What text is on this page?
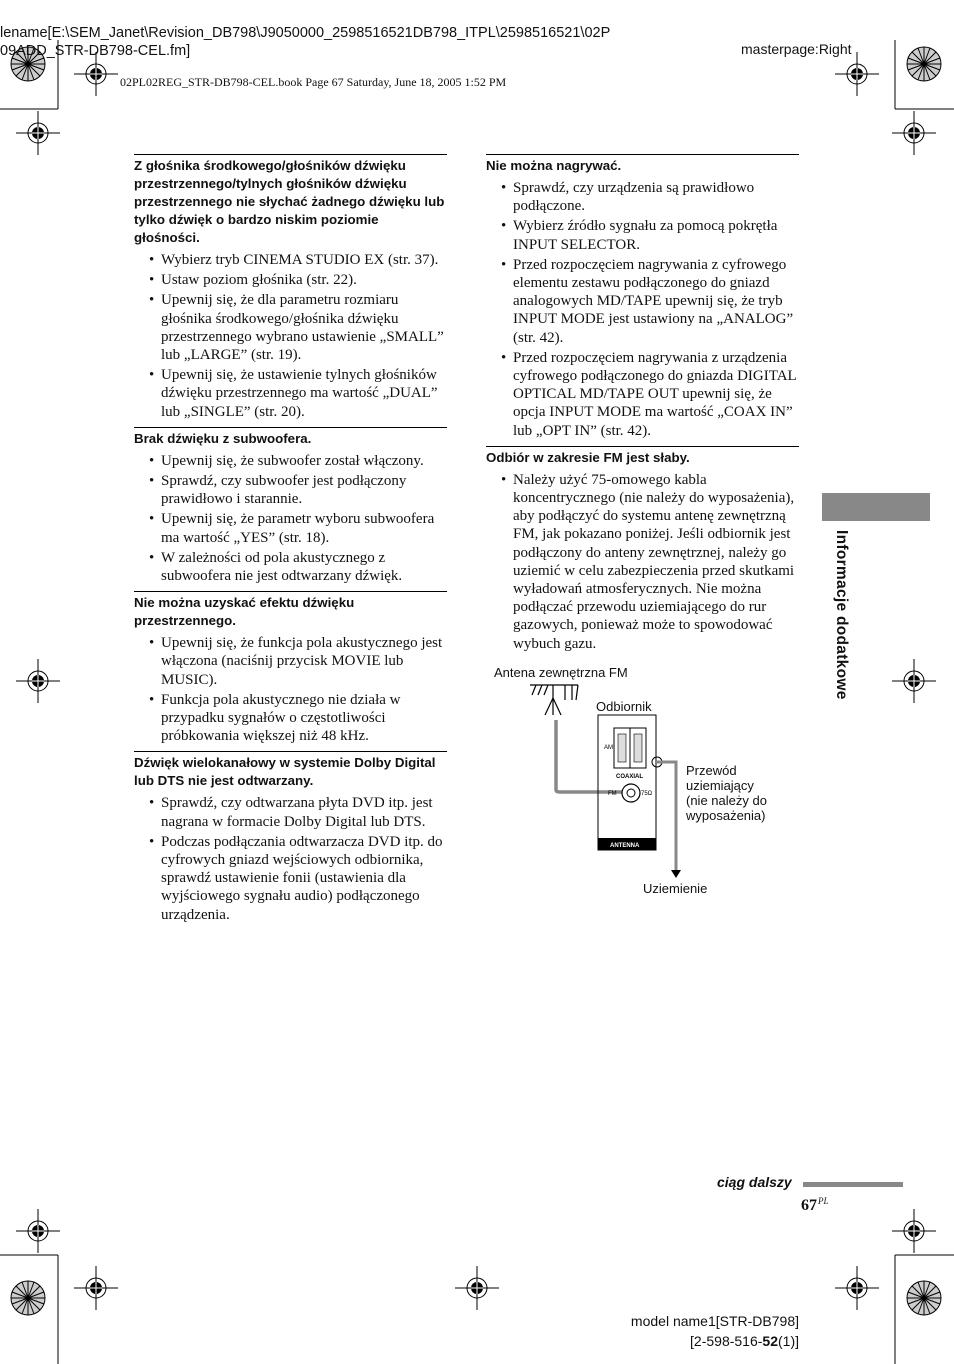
lename[E:\SEM_Janet\Revision_DB798\J9050000_2598516521DB798_ITPL\2598516521\02P
09ADD_STR-DB798-CEL.fm]	masterpage:Right
02PL02REG_STR-DB798-CEL.book Page 67 Saturday, June 18, 2005 1:52 PM
Z głośnika środkowego/głośników dźwięku przestrzennego/tylnych głośników dźwięku przestrzennego nie słychać żadnego dźwięku lub tylko dźwięk o bardzo niskim poziomie głośności.
• Wybierz tryb CINEMA STUDIO EX (str. 37).
• Ustaw poziom głośnika (str. 22).
• Upewnij się, że dla parametru rozmiaru głośnika środkowego/głośnika dźwięku przestrzennego wybrano ustawienie „SMALL” lub „LARGE” (str. 19).
• Upewnij się, że ustawienie tylnych głośników dźwięku przestrzennego ma wartość „DUAL” lub „SINGLE” (str. 20).
Brak dźwięku z subwoofera.
• Upewnij się, że subwoofer został włączony.
• Sprawdź, czy subwoofer jest podłączony prawidłowo i starannie.
• Upewnij się, że parametr wyboru subwoofera ma wartość „YES” (str. 18).
• W zależności od pola akustycznego z subwoofera nie jest odtwarzany dźwięk.
Nie można uzyskać efektu dźwięku przestrzennego.
• Upewnij się, że funkcja pola akustycznego jest włączona (naciśnij przycisk MOVIE lub MUSIC).
• Funkcja pola akustycznego nie działa w przypadku sygnałów o częstotliwości próbkowania większej niż 48 kHz.
Dźwięk wielokanałowy w systemie Dolby Digital lub DTS nie jest odtwarzany.
• Sprawdź, czy odtwarzana płyta DVD itp. jest nagrana w formacie Dolby Digital lub DTS.
• Podczas podłączania odtwarzacza DVD itp. do cyfrowych gniazd wejściowych odbiornika, sprawdź ustawienie fonii (ustawienia dla wyjściowego sygnału audio) podłączonego urządzenia.
Nie można nagrywać.
• Sprawdź, czy urządzenia są prawidłowo podłączone.
• Wybierz źródło sygnału za pomocą pokrętła INPUT SELECTOR.
• Przed rozpoczęciem nagrywania z cyfrowego elementu zestawu podłączonego do gniazd analogowych MD/TAPE upewnij się, że tryb INPUT MODE jest ustawiony na „ANALOG” (str. 42).
• Przed rozpoczęciem nagrywania z urządzenia cyfrowego podłączonego do gniazda DIGITAL OPTICAL MD/TAPE OUT upewnij się, że opcja INPUT MODE ma wartość „COAX IN” lub „OPT IN” (str. 42).
Odbiór w zakresie FM jest słaby.
• Należy użyć 75-omowego kabla koncentrycznego (nie należy do wyposażenia), aby podłączyć do systemu antenę zewnętrzną FM, jak pokazano poniżej. Jeśli odbiornik jest podłączony do anteny zewnętrznej, należy go uziemić w celu zabezpieczenia przed skutkami wyładowań atmosferycznych. Nie można podłączać przewodu uziemiającego do rur gazowych, ponieważ może to spowodować wybuch gazu.
AM
COAXIAL
FM	75Ω
ANTENNA
Antena zewnętrzna FM
Odbiornik
Przewód
uziemiający
(nie należy do
wyposażenia)
Uziemienie
Informacje dodatkowe
ciąg dalszy
$67^{PL}$
model name1[STR-DB798]
[2-598-516-52(1)]
